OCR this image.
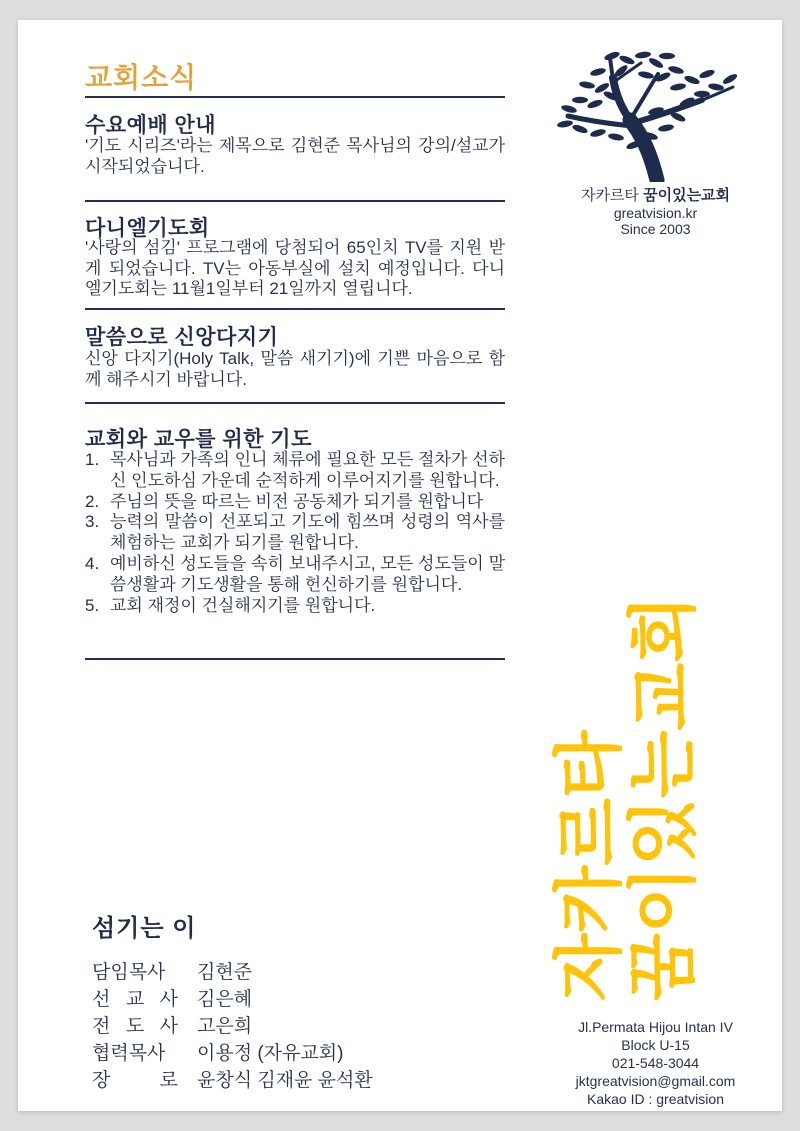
교회소식
수요예배 안내
'기도 시리즈'라는 제목으로 김현준 목사님의 강의/설교가 시작되었습니다.
다니엘기도회
'사랑의 섬김' 프로그램에 당첨되어 65인치 TV를 지원 받게 되었습니다. TV는 아동부실에 설치 예정입니다. 다니엘기도회는 11월1일부터 21일까지 열립니다.
말씀으로 신앙다지기
신앙 다지기(Holy Talk, 말씀 새기기)에 기쁜 마음으로 함께 해주시기 바랍니다.
교회와 교우를 위한 기도
1. 목사님과 가족의 인니 체류에 필요한 모든 절차가 선하신 인도하심 가운데 순적하게 이루어지기를 원합니다.
2. 주님의 뜻을 따르는 비전 공동체가 되기를 원합니다
3. 능력의 말씀이 선포되고 기도에 힘쓰며 성령의 역사를 체험하는 교회가 되기를 원합니다.
4. 예비하신 성도들을 속히 보내주시고, 모든 성도들이 말씀생활과 기도생활을 통해 헌신하기를 원합니다.
5. 교회 재정이 건실해지기를 원합니다.
자카르타 꿈이있는교회
greatvision.kr
Since 2003
자카르타
꿈이있는교회
섬기는 이
담임목사	김현준
선 교 사 김은혜
전 도 사 고은희
협력목사	이용정 (자유교회)
장 로 윤창식 김재윤 윤석환
Jl.Permata Hijou Intan IV
Block U-15
021-548-3044
jktgreatvision@gmail.com
Kakao ID : greatvision
